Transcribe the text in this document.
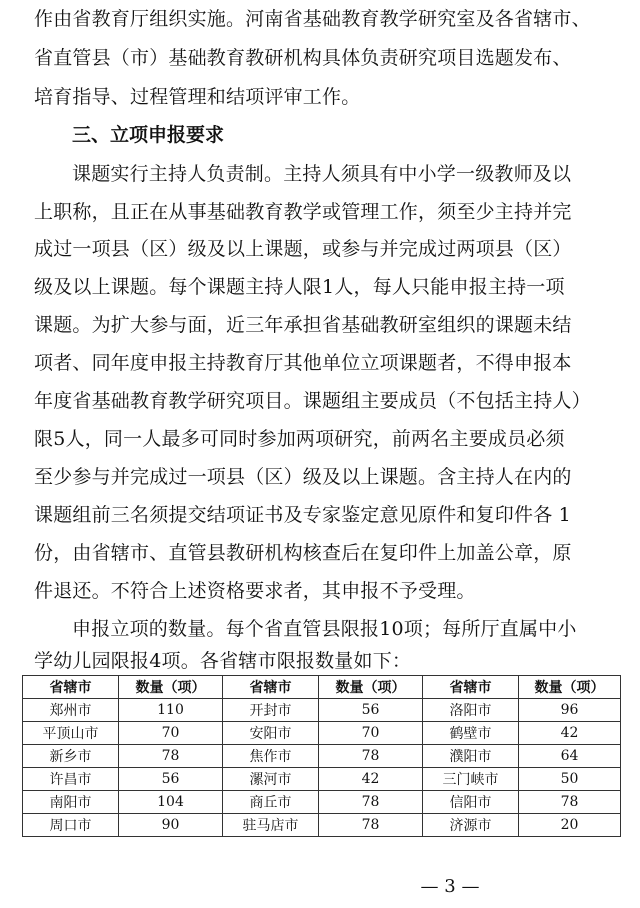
作由省教育厅组织实施。河南省基础教育教学研究室及各省辖市、
省直管县（市）基础教育教研机构具体负责研究项目选题发布、
培育指导、过程管理和结项评审工作。
三、立项申报要求
课题实行主持人负责制。主持人须具有中小学一级教师及以
上职称，且正在从事基础教育教学或管理工作，须至少主持并完
成过一项县（区）级及以上课题，或参与并完成过两项县（区）
级及以上课题。每个课题主持人限1人，每人只能申报主持一项
课题。为扩大参与面，近三年承担省基础教研室组织的课题未结
项者、同年度申报主持教育厅其他单位立项课题者，不得申报本
年度省基础教育教学研究项目。课题组主要成员（不包括主持人）
限5人，同一人最多可同时参加两项研究，前两名主要成员必须
至少参与并完成过一项县（区）级及以上课题。含主持人在内的
课题组前三名须提交结项证书及专家鉴定意见原件和复印件各 1
份，由省辖市、直管县教研机构核查后在复印件上加盖公章，原
件退还。不符合上述资格要求者，其申报不予受理。
申报立项的数量。每个省直管县限报10项；每所厅直属中小
学幼儿园限报4项。各省辖市限报数量如下：
省辖市	数量（项）	省辖市	数量（项）	省辖市	数量（项）
郑州市	110	开封市	56	洛阳市	96
平顶山市	70	安阳市	70	鹤壁市	42
新乡市	78	焦作市	78	濮阳市	64
许昌市	56	漯河市	42	三门峡市	50
南阳市	104	商丘市	78	信阳市	78
周口市	90	驻马店市	78	济源市	20
— 3 —
